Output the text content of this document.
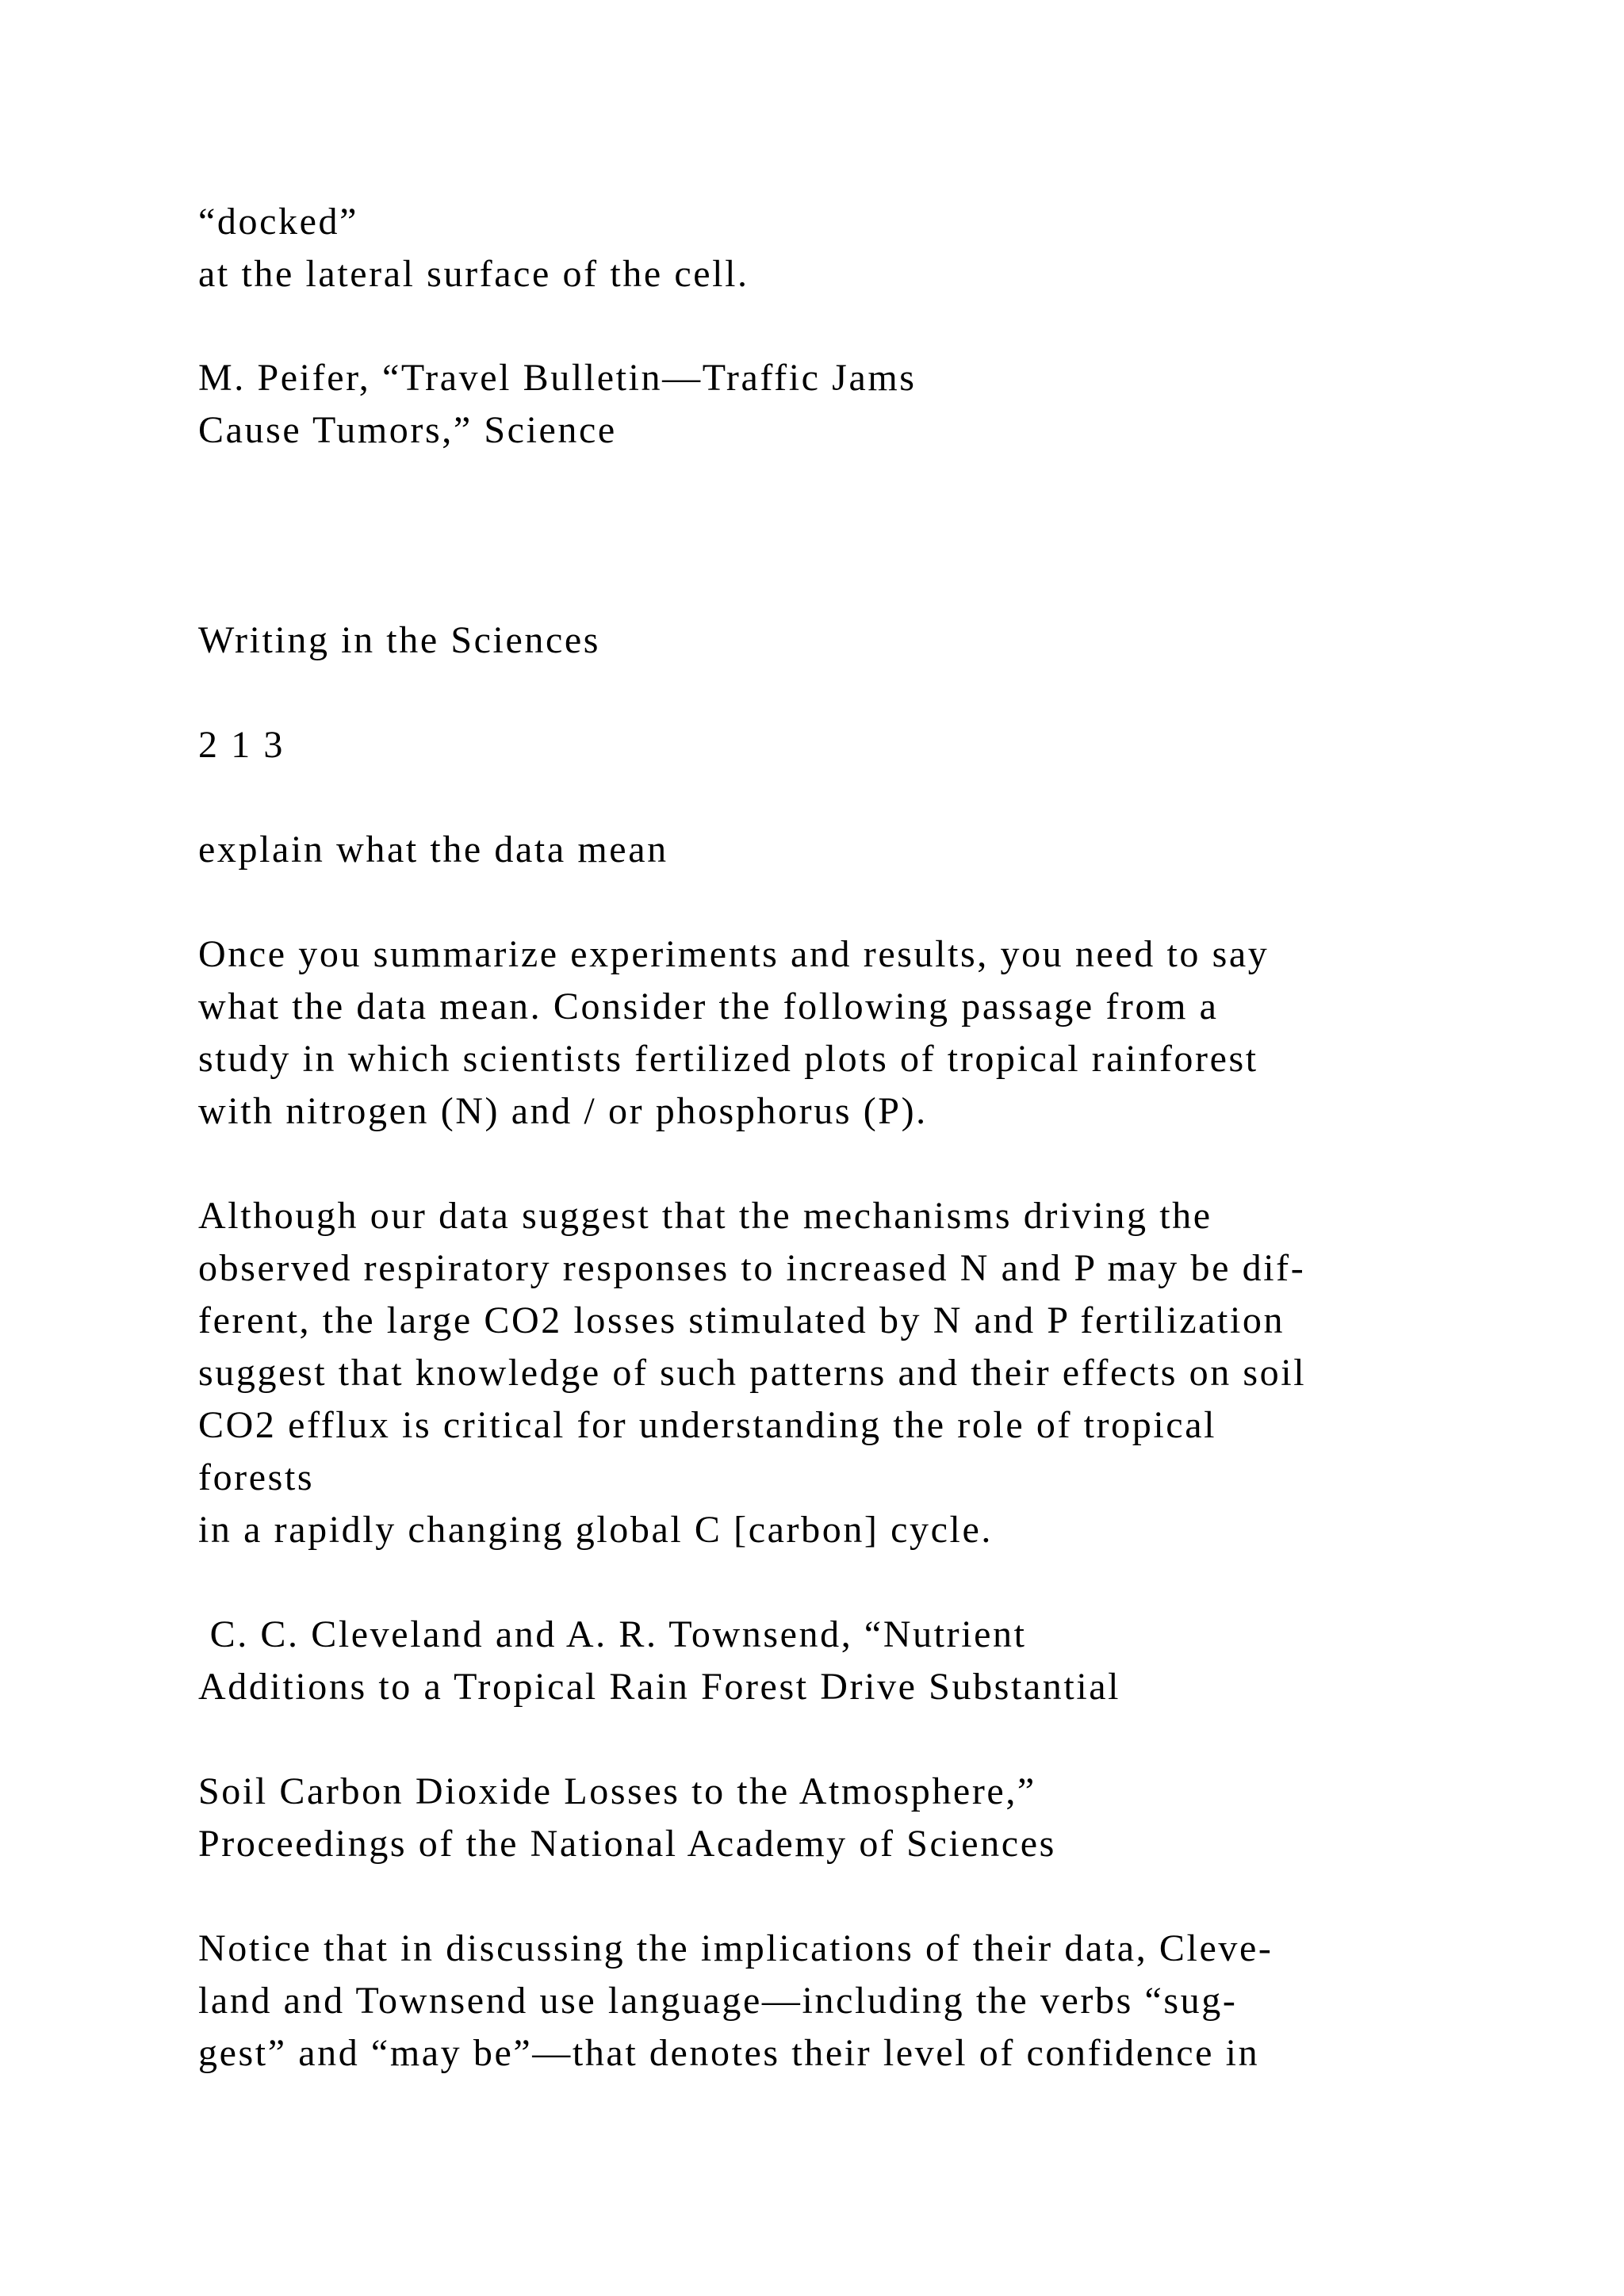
“docked”

at the lateral surface of the cell.

M. Peifer, “Travel Bulletin—Traffic Jams

Cause Tumors,” Science

Writing in the Sciences

2 1 3

explain what the data mean

Once you summarize experiments and results, you need to say

what the data mean. Consider the following passage from a

study in which scientists fertilized plots of tropical rainforest

with nitrogen (N) and / or phosphorus (P).

Although our data suggest that the mechanisms driving the

observed respiratory responses to increased N and P may be dif-

ferent, the large CO2 losses stimulated by N and P fertilization

suggest that knowledge of such patterns and their effects on soil

CO2 efflux is critical for understanding the role of tropical

forests

in a rapidly changing global C [carbon] cycle.

C. C. Cleveland and A. R. Townsend, “Nutrient

Additions to a Tropical Rain Forest Drive Substantial

Soil Carbon Dioxide Losses to the Atmosphere,”

Proceedings of the National Academy of Sciences

Notice that in discussing the implications of their data, Cleve-

land and Townsend use language—including the verbs “sug-

gest” and “may be”—that denotes their level of confidence in
